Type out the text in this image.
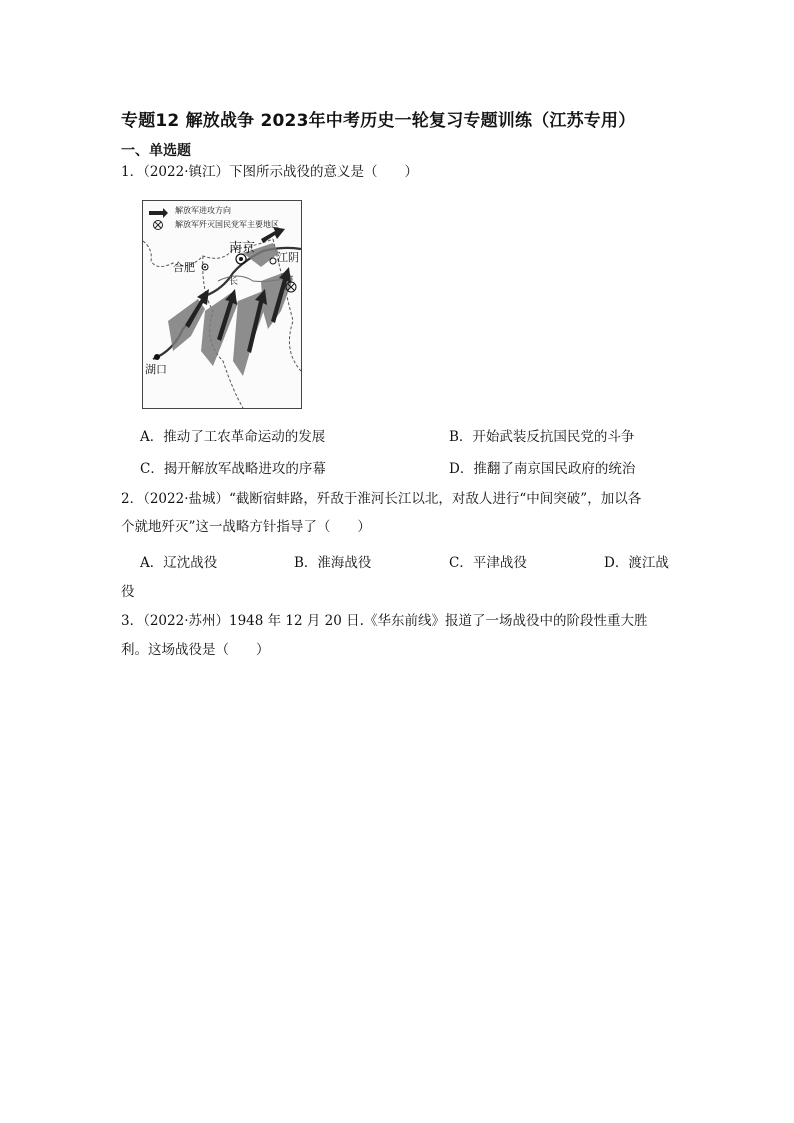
专题12 解放战争 2023年中考历史一轮复习专题训练（江苏专用）
一、单选题
1．（2022·镇江）下图所示战役的意义是（　　）
解放军进攻方向
解放军歼灭国民党军主要地区
南京
合肥
江阴
湖口
长
A．推动了工农革命运动的发展	B．开始武装反抗国民党的斗争
C．揭开解放军战略进攻的序幕	D．推翻了南京国民政府的统治
2．（2022·盐城）“截断宿蚌路，歼敌于淮河长江以北，对敌人进行“中间突破”，加以各
个就地歼灭”这一战略方针指导了（　　）
A．辽沈战役	B．淮海战役	C．平津战役	D．渡江战
役
3．（2022·苏州）1948 年 12 月 20 日.《华东前线》报道了一场战役中的阶段性重大胜
利。这场战役是（　　）
